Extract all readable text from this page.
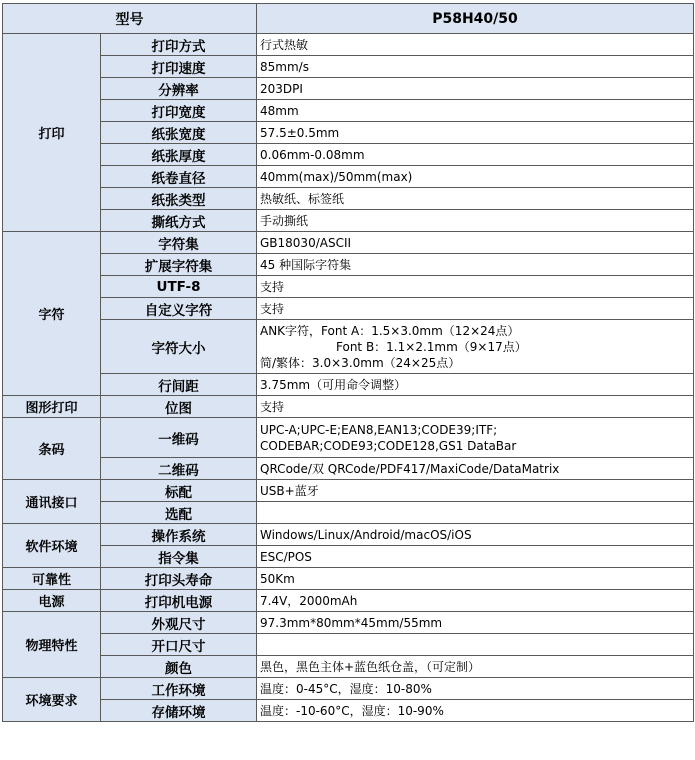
型号		P58H40/50
打印	打印方式	行式热敏
	打印速度	85mm/s
	分辨率	203DPI
	打印宽度	48mm
	纸张宽度	57.5±0.5mm
	纸张厚度	0.06mm-0.08mm
	纸卷直径	40mm(max)/50mm(max)
	纸张类型	热敏纸、标签纸
	撕纸方式	手动撕纸
字符	字符集	GB18030/ASCII
	扩展字符集	45 种国际字符集
	UTF-8	支持
	自定义字符	支持
	字符大小	ANK字符，Font A：1.5×3.0mm（12×24点）
Font B：1.1×2.1mm（9×17点）
简/繁体：3.0×3.0mm（24×25点）

	行间距	3.75mm（可用命令调整）
图形打印	位图	支持
条码	一维码	UPC-A;UPC-E;EAN8,EAN13;CODE39;ITF;
CODEBAR;CODE93;CODE128,GS1 DataBar

	二维码	QRCode/双 QRCode/PDF417/MaxiCode/DataMatrix
通讯接口	标配	USB+蓝牙
	选配	
软件环境	操作系统	Windows/Linux/Android/macOS/iOS
	指令集	ESC/POS
可靠性	打印头寿命	50Km
电源	打印机电源	7.4V，2000mAh
物理特性	外观尺寸	97.3mm*80mm*45mm/55mm
	开口尺寸	
	颜色	黑色，黑色主体+蓝色纸仓盖，（可定制）
环境要求	工作环境	温度：0-45°C，湿度：10-80%
	存储环境	温度：-10-60°C，湿度：10-90%
